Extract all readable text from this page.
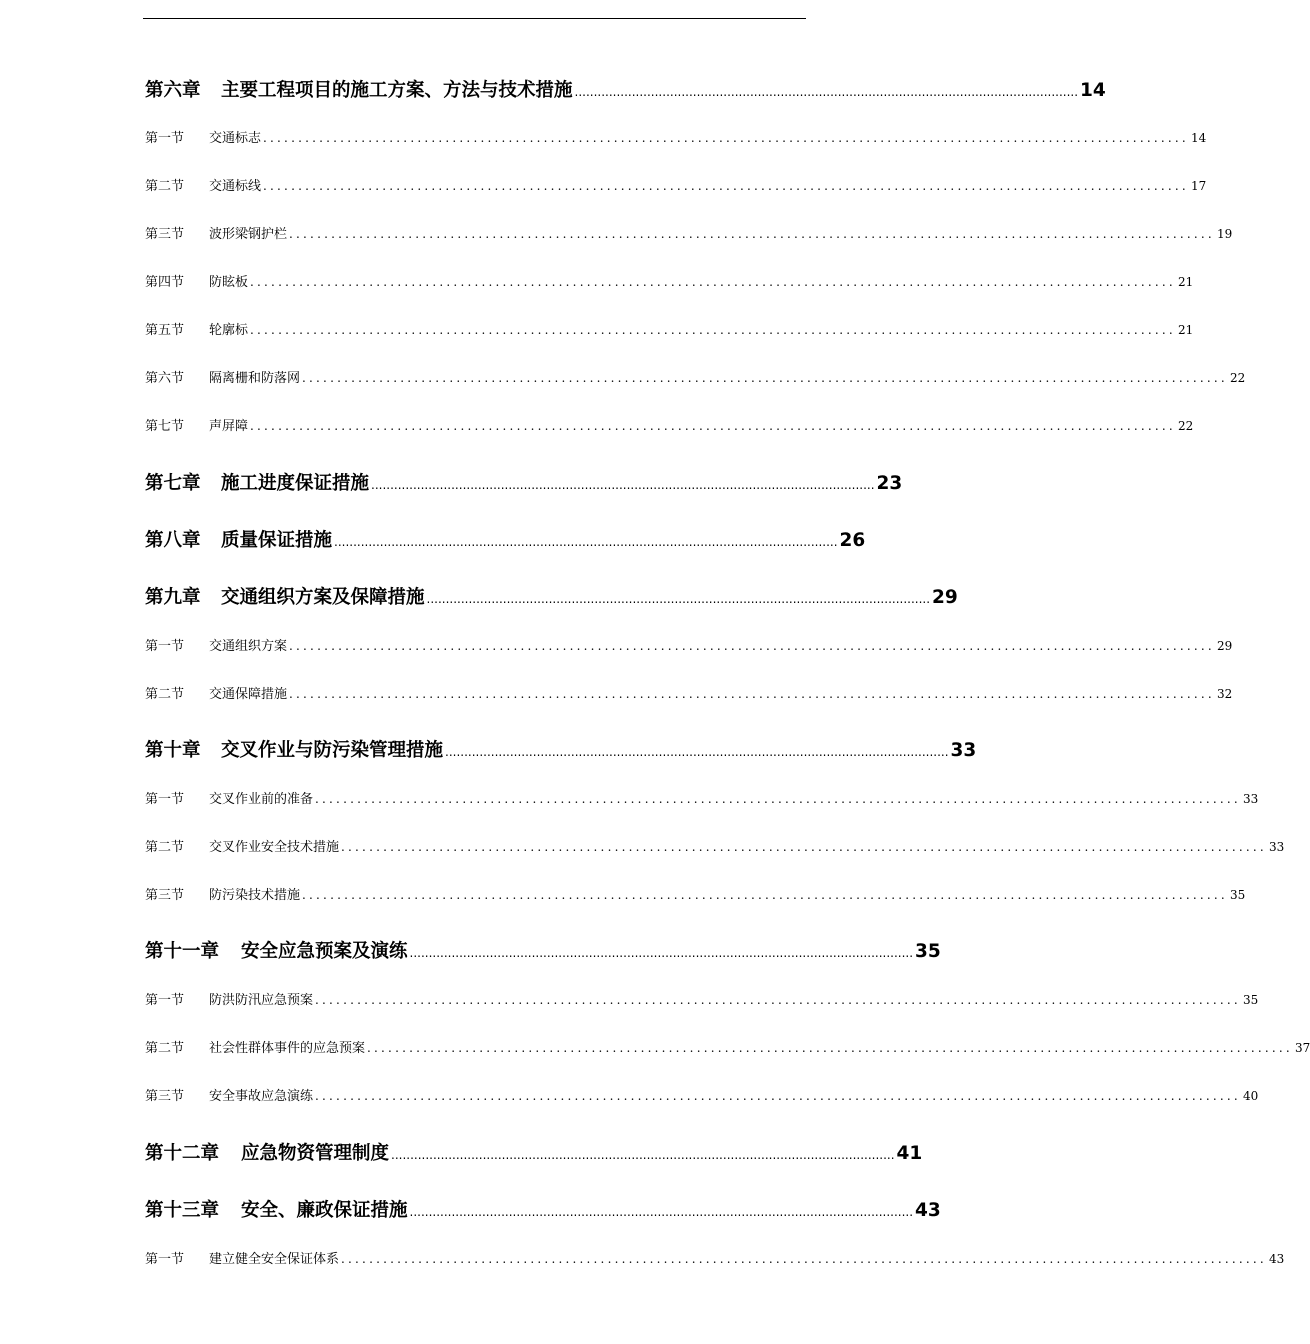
第六章	主要工程项目的施工方案、方法与技术措施 .................................................................................................................................... 14
第一节	交通标志 .................................................................................................................................... 14
第二节	交通标线 .................................................................................................................................... 17
第三节	波形梁钢护栏 .................................................................................................................................... 19
第四节	防眩板 .................................................................................................................................... 21
第五节	轮廓标 .................................................................................................................................... 21
第六节	隔离栅和防落网 .................................................................................................................................... 22
第七节	声屏障 .................................................................................................................................... 22
第七章	施工进度保证措施 .................................................................................................................................... 23
第八章	质量保证措施 .................................................................................................................................... 26
第九章	交通组织方案及保障措施 .................................................................................................................................... 29
第一节	交通组织方案 .................................................................................................................................... 29
第二节	交通保障措施 .................................................................................................................................... 32
第十章	交叉作业与防污染管理措施 .................................................................................................................................... 33
第一节	交叉作业前的准备 .................................................................................................................................... 33
第二节	交叉作业安全技术措施 .................................................................................................................................... 33
第三节	防污染技术措施 .................................................................................................................................... 35
第十一章	安全应急预案及演练 .................................................................................................................................... 35
第一节	防洪防汛应急预案 .................................................................................................................................... 35
第二节	社会性群体事件的应急预案 .................................................................................................................................... 37
第三节	安全事故应急演练 .................................................................................................................................... 40
第十二章	应急物资管理制度 .................................................................................................................................... 41
第十三章	安全、廉政保证措施 .................................................................................................................................... 43
第一节	建立健全安全保证体系 .................................................................................................................................... 43
